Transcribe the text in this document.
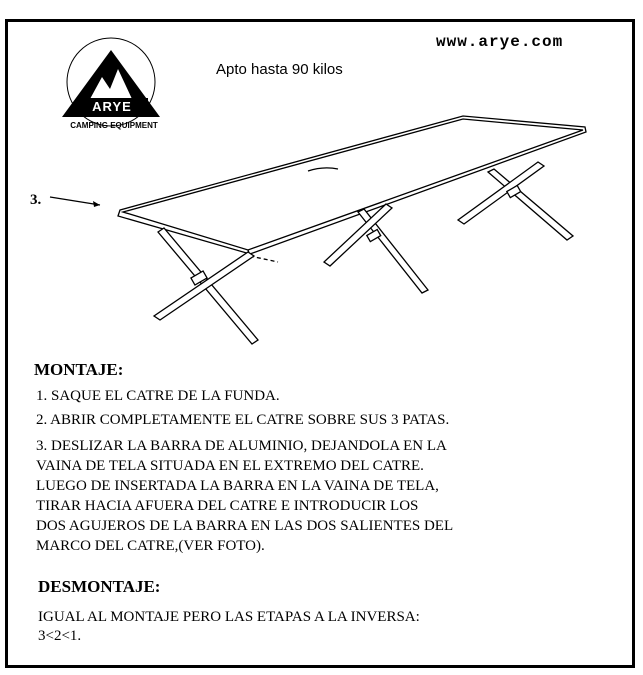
ARYE
CAMPING EQUIPMENT
www.arye.com
Apto hasta 90 kilos
3.
MONTAJE:
1. SAQUE EL CATRE DE LA FUNDA.
2. ABRIR COMPLETAMENTE EL CATRE SOBRE SUS 3 PATAS.
3. DESLIZAR LA BARRA DE ALUMINIO, DEJANDOLA EN LA
VAINA DE TELA SITUADA EN EL EXTREMO DEL CATRE.
LUEGO DE INSERTADA LA BARRA EN LA VAINA DE TELA,
TIRAR HACIA AFUERA DEL CATRE E INTRODUCIR LOS
DOS AGUJEROS DE LA BARRA EN LAS DOS SALIENTES DEL
MARCO DEL CATRE,(VER FOTO).
DESMONTAJE:
IGUAL AL MONTAJE PERO LAS ETAPAS A LA INVERSA:
3<2<1.
